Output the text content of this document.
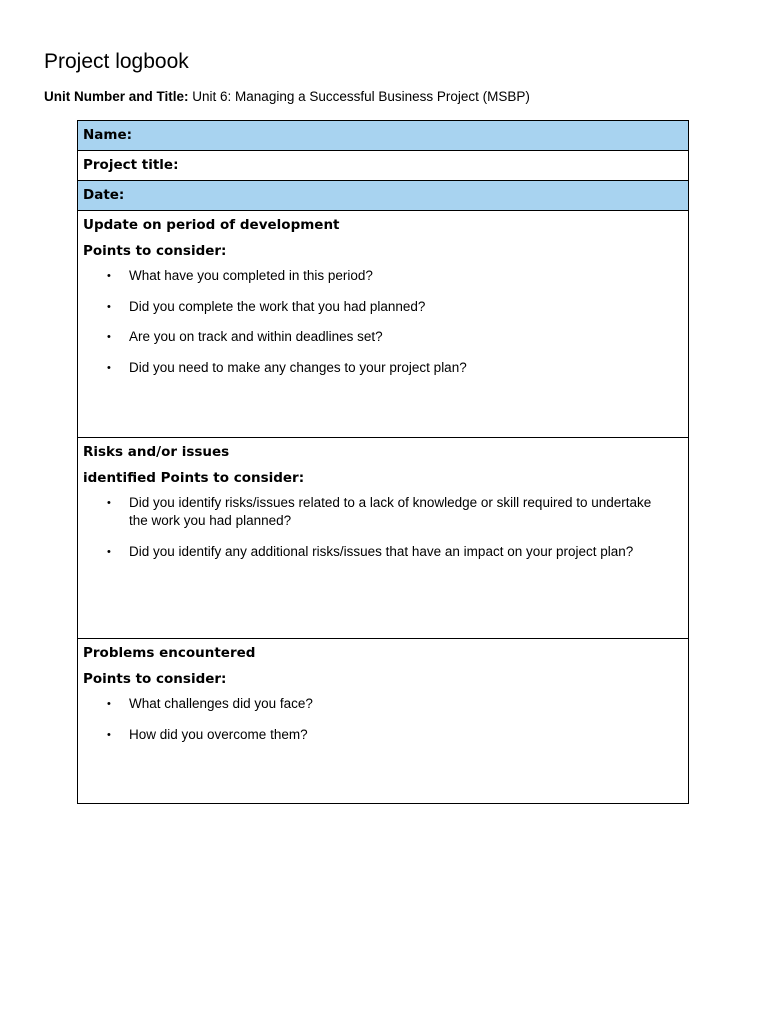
Project logbook
Unit Number and Title: Unit 6: Managing a Successful Business Project (MSBP)
Name:

Project title:

Date:

Update on period of development
Points to consider:
• What have you completed in this period?
• Did you complete the work that you had planned?
• Are you on track and within deadlines set?
• Did you need to make any changes to your project plan?

Risks and/or issues
identified Points to consider:
• Did you identify risks/issues related to a lack of knowledge or skill required to undertake the work you had planned?
• Did you identify any additional risks/issues that have an impact on your project plan?

Problems encountered
Points to consider:
• What challenges did you face?
• How did you overcome them?
